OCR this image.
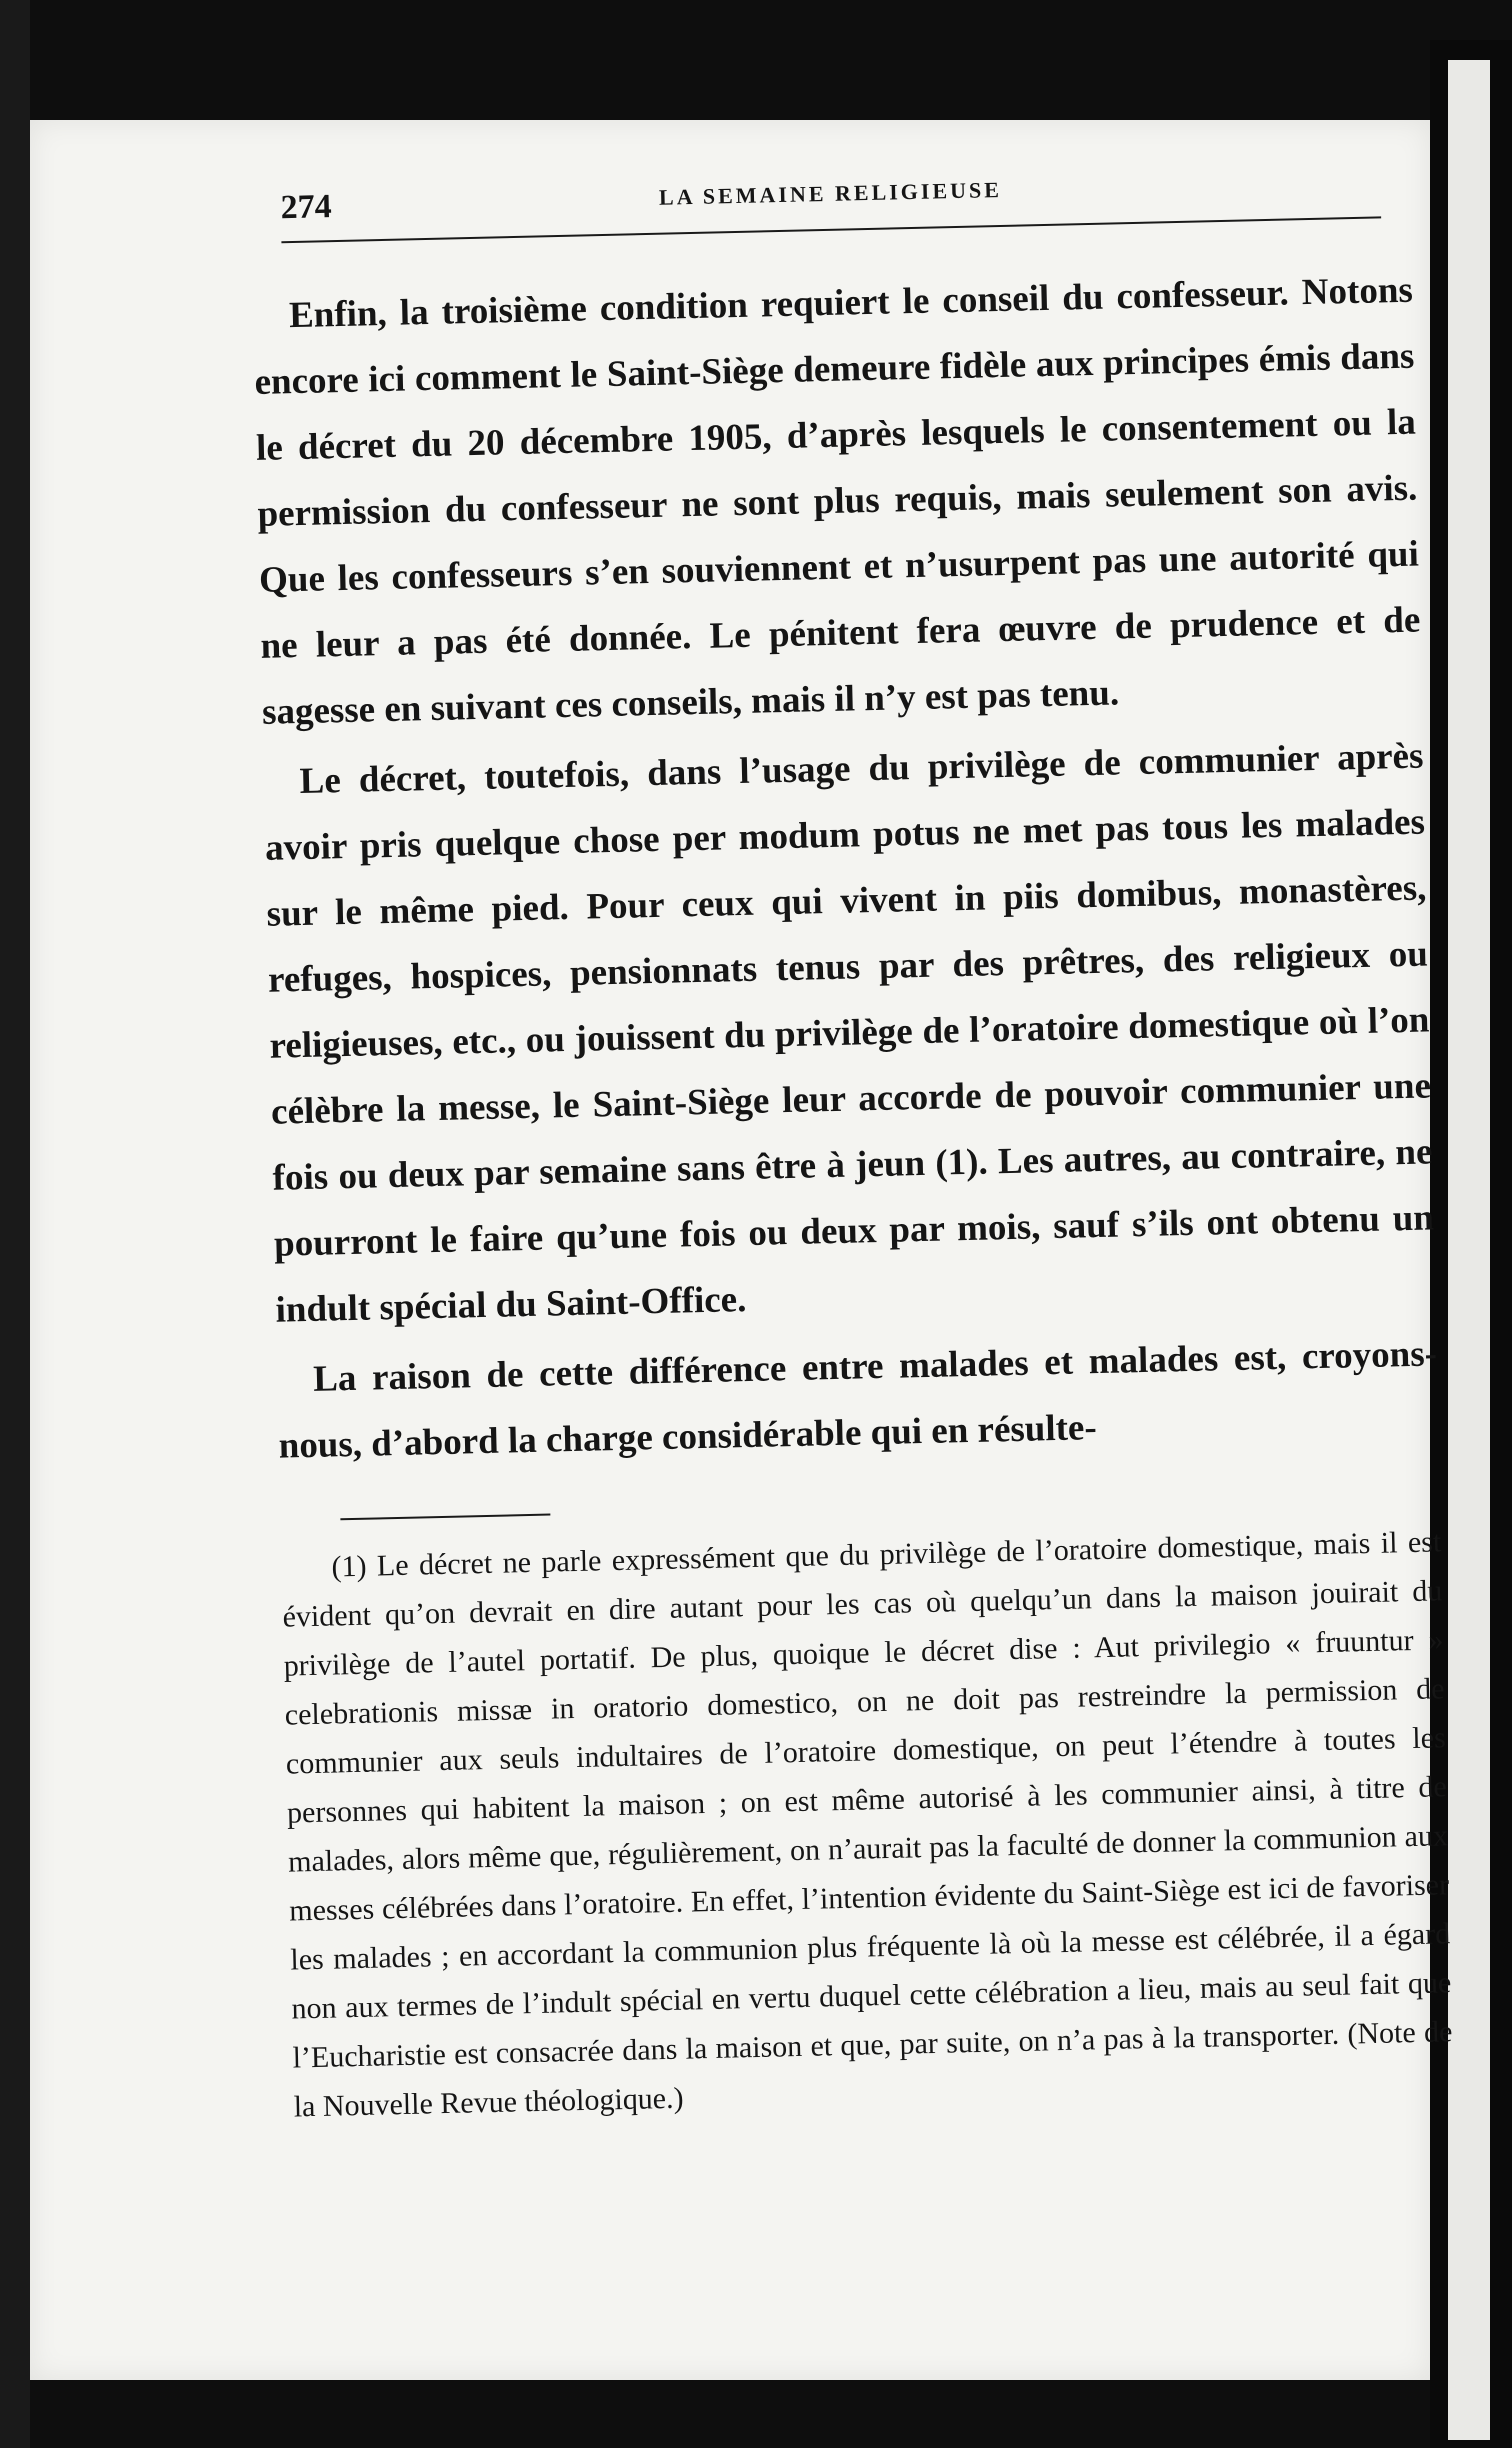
274	LA SEMAINE RELIGIEUSE

Enfin, la troisième condition requiert le conseil du confesseur. Notons encore ici comment le Saint-Siège demeure fidèle aux principes émis dans le décret du 20 décembre 1905, d’après lesquels le consentement ou la permission du confesseur ne sont plus requis, mais seulement son avis. Que les confesseurs s’en souviennent et n’usurpent pas une autorité qui ne leur a pas été donnée. Le pénitent fera œuvre de prudence et de sagesse en suivant ces conseils, mais il n’y est pas tenu.

Le décret, toutefois, dans l’usage du privilège de communier après avoir pris quelque chose per modum potus ne met pas tous les malades sur le même pied. Pour ceux qui vivent in piis domibus, monastères, refuges, hospices, pensionnats tenus par des prêtres, des religieux ou religieuses, etc., ou jouissent du privilège de l’oratoire domestique où l’on célèbre la messe, le Saint-Siège leur accorde de pouvoir communier une fois ou deux par semaine sans être à jeun (1). Les autres, au contraire, ne pourront le faire qu’une fois ou deux par mois, sauf s’ils ont obtenu un indult spécial du Saint-Office.

La raison de cette différence entre malades et malades est, croyons-nous, d’abord la charge considérable qui en résulte-

(1) Le décret ne parle expressément que du privilège de l’oratoire domestique, mais il est évident qu’on devrait en dire autant pour les cas où quelqu’un dans la maison jouirait du privilège de l’autel portatif. De plus, quoique le décret dise : Aut privilegio « fruuntur » celebrationis missæ in oratorio domestico, on ne doit pas restreindre la permission de communier aux seuls indultaires de l’oratoire domestique, on peut l’étendre à toutes les personnes qui habitent la maison ; on est même autorisé à les communier ainsi, à titre de malades, alors même que, régulièrement, on n’aurait pas la faculté de donner la communion aux messes célébrées dans l’oratoire. En effet, l’intention évidente du Saint-Siège est ici de favoriser les malades ; en accordant la communion plus fréquente là où la messe est célébrée, il a égard non aux termes de l’indult spécial en vertu duquel cette célébration a lieu, mais au seul fait que l’Eucharistie est consacrée dans la maison et que, par suite, on n’a pas à la transporter. (Note de la Nouvelle Revue théologique.)
